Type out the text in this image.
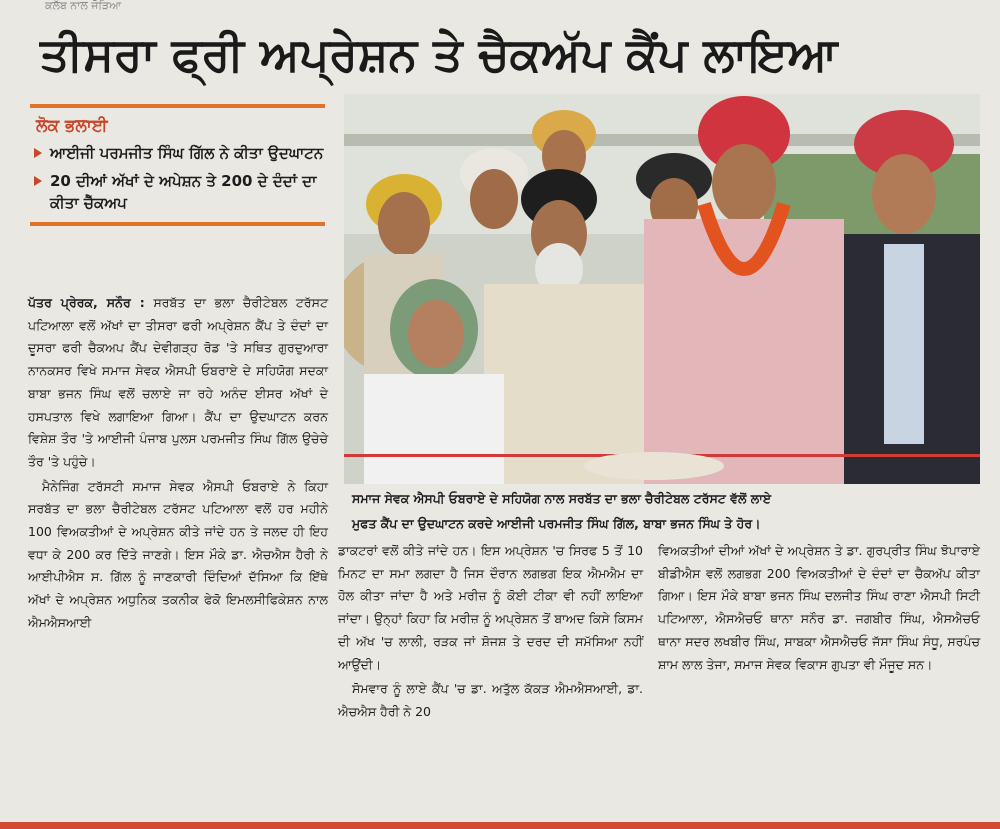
ਕਲੱਬ ਨਾਲ ਜੋੜਿਆ
ਤੀਸਰਾ ਫ੍ਰੀ ਅਪ੍ਰੇਸ਼ਨ ਤੇ ਚੈਕਅੱਪ ਕੈਂਪ ਲਾਇਆ
ਲੋਕ ਭਲਾਈ
ਆਈਜੀ ਪਰਮਜੀਤ ਸਿੰਘ ਗਿੱਲ ਨੇ ਕੀਤਾ ਉਦਘਾਟਨ
20 ਦੀਆਂ ਅੱਖਾਂ ਦੇ ਅਪੇਸ਼ਨ ਤੇ 200 ਦੇ ਦੰਦਾਂ ਦਾ ਕੀਤਾ ਚੈੱਕਅਪ
ਸਮਾਜ ਸੇਵਕ ਐਸਪੀ ਓਬਰਾਏ ਦੇ ਸਹਿਯੋਗ ਨਾਲ ਸਰਬੱਤ ਦਾ ਭਲਾ ਚੈਰੀਟੇਬਲ ਟਰੱਸਟ ਵੱਲੋਂ ਲਾਏ
ਮੁਫਤ ਕੈਂਪ ਦਾ ਉਦਘਾਟਨ ਕਰਦੇ ਆਈਜੀ ਪਰਮਜੀਤ ਸਿੰਘ ਗਿੱਲ, ਬਾਬਾ ਭਜਨ ਸਿੰਘ ਤੇ ਹੋਰ।

ਪੱਤਰ ਪ੍ਰੇਰਕ, ਸਨੌਰ : ਸਰਬੱਤ ਦਾ ਭਲਾ ਚੈਰੀਟੇਬਲ ਟਰੱਸਟ ਪਟਿਆਲਾ ਵਲੋਂ ਅੱਖਾਂ ਦਾ ਤੀਸਰਾ ਫਰੀ ਅਪ੍ਰੇਸ਼ਨ ਕੈਂਪ ਤੇ ਦੰਦਾਂ ਦਾ ਦੂਸਰਾ ਫਰੀ ਚੈਕਅਪ ਕੈਂਪ ਦੇਵੀਗੜ੍ਹ ਰੋਡ 'ਤੇ ਸਥਿਤ ਗੁਰਦੁਆਰਾ ਨਾਨਕਸਰ ਵਿਖੇ ਸਮਾਜ ਸੇਵਕ ਐਸਪੀ ਓਬਰਾਏ ਦੇ ਸਹਿਯੋਗ ਸਦਕਾ ਬਾਬਾ ਭਜਨ ਸਿੰਘ ਵਲੋਂ ਚਲਾਏ ਜਾ ਰਹੇ ਅਨੰਦ ਈਸਰ ਅੱਖਾਂ ਦੇ ਹਸਪਤਾਲ ਵਿਖੇ ਲਗਾਇਆ ਗਿਆ। ਕੈਂਪ ਦਾ ਉਦਘਾਟਨ ਕਰਨ ਵਿਸ਼ੇਸ਼ ਤੌਰ 'ਤੇ ਆਈਜੀ ਪੰਜਾਬ ਪੁਲਸ ਪਰਮਜੀਤ ਸਿੰਘ ਗਿੱਲ ਉਚੇਚੇ ਤੌਰ 'ਤੇ ਪਹੁੰਚੇ।

ਮੈਨੇਜਿੰਗ ਟਰੱਸਟੀ ਸਮਾਜ ਸੇਵਕ ਐਸਪੀ ਓਬਰਾਏ ਨੇ ਕਿਹਾ ਸਰਬੱਤ ਦਾ ਭਲਾ ਚੈਰੀਟੇਬਲ ਟਰੱਸਟ ਪਟਿਆਲਾ ਵਲੋਂ ਹਰ ਮਹੀਨੇ 100 ਵਿਅਕਤੀਆਂ ਦੇ ਅਪ੍ਰੇਸ਼ਨ ਕੀਤੇ ਜਾਂਦੇ ਹਨ ਤੇ ਜਲਦ ਹੀ ਇਹ ਵਧਾ ਕੇ 200 ਕਰ ਦਿੱਤੇ ਜਾਣਗੇ। ਇਸ ਮੌਕੇ ਡਾ. ਐਚਐਸ ਹੈਰੀ ਨੇ ਆਈਪੀਐਸ ਸ. ਗਿੱਲ ਨੂੰ ਜਾਣਕਾਰੀ ਦਿੰਦਿਆਂ ਦੱਸਿਆ ਕਿ ਇੱਥੇ ਅੱਖਾਂ ਦੇ ਅਪ੍ਰੇਸ਼ਨ ਅਧੁਨਿਕ ਤਕਨੀਕ ਫੇਕੋ ਇਮਲਸੀਫਿਕੇਸ਼ਨ ਨਾਲ ਐਮਐਸਆਈ

ਡਾਕਟਰਾਂ ਵਲੋਂ ਕੀਤੇ ਜਾਂਦੇ ਹਨ। ਇਸ ਅਪ੍ਰੇਸ਼ਨ 'ਚ ਸਿਰਫ 5 ਤੋਂ 10 ਮਿਨਟ ਦਾ ਸਮਾ ਲਗਦਾ ਹੈ ਜਿਸ ਦੌਰਾਨ ਲਗਭਗ ਇਕ ਐਮਐਮ ਦਾ ਹੋਲ ਕੀਤਾ ਜਾਂਦਾ ਹੈ ਅਤੇ ਮਰੀਜ਼ ਨੂੰ ਕੋਈ ਟੀਕਾ ਵੀ ਨਹੀਂ ਲਾਇਆ ਜਾਂਦਾ। ਉਨ੍ਹਾਂ ਕਿਹਾ ਕਿ ਮਰੀਜ਼ ਨੂੰ ਅਪ੍ਰੇਸ਼ਨ ਤੋਂ ਬਾਅਦ ਕਿਸੇ ਕਿਸਮ ਦੀ ਅੱਖ 'ਚ ਲਾਲੀ, ਰੜਕ ਜਾਂ ਸ਼ੋਜਸ਼ ਤੇ ਦਰਦ ਦੀ ਸਮੱਸਿਆ ਨਹੀਂ ਆਉਂਦੀ।

ਸੋਮਵਾਰ ਨੂੰ ਲਾਏ ਕੈਂਪ 'ਚ ਡਾ. ਅਤੁੱਲ ਕੱਕੜ ਐਮਐਸਆਈ, ਡਾ. ਐਚਐਸ ਹੈਰੀ ਨੇ 20

ਵਿਅਕਤੀਆਂ ਦੀਆਂ ਅੱਖਾਂ ਦੇ ਅਪ੍ਰੇਸ਼ਨ ਤੇ ਡਾ. ਗੁਰਪ੍ਰੀਤ ਸਿੰਘ ਝੋਪਾਰਾਏ ਬੀਡੀਐਸ ਵਲੋਂ ਲਗਭਗ 200 ਵਿਅਕਤੀਆਂ ਦੇ ਦੰਦਾਂ ਦਾ ਚੈਕਅੱਪ ਕੀਤਾ ਗਿਆ। ਇਸ ਮੌਕੇ ਬਾਬਾ ਭਜਨ ਸਿੰਘ ਦਲਜੀਤ ਸਿੰਘ ਰਾਣਾ ਐਸਪੀ ਸਿਟੀ ਪਟਿਆਲਾ, ਐਸਐਚਓ ਥਾਨਾ ਸਨੌਰ ਡਾ. ਜਗਬੀਰ ਸਿੰਘ, ਐਸਐਚਓ ਥਾਨਾ ਸਦਰ ਲਖਬੀਰ ਸਿੰਘ, ਸਾਬਕਾ ਐਸਐਚਓ ਜੱਸਾ ਸਿੰਘ ਸੰਧੂ, ਸਰਪੰਚ ਸ਼ਾਮ ਲਾਲ ਤੇਜਾ, ਸਮਾਜ ਸੇਵਕ ਵਿਕਾਸ ਗੁਪਤਾ ਵੀ ਮੌਜੂਦ ਸਨ।
